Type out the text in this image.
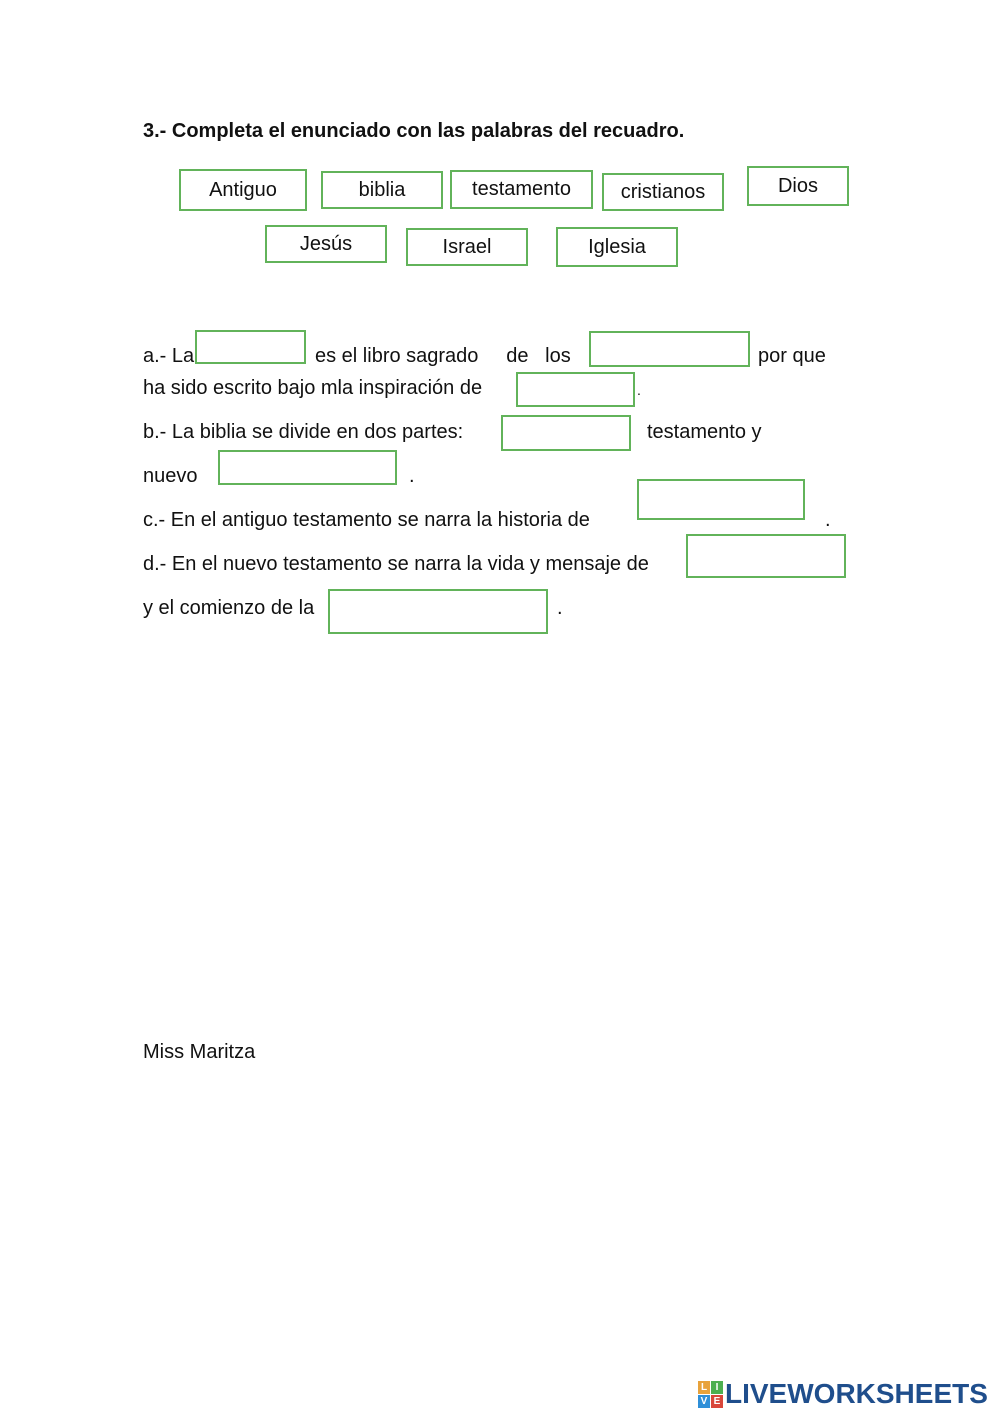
3.- Completa el enunciado con las palabras del recuadro.
Antiguo	biblia	testamento	cristianos	Dios
Jesús	Israel	Iglesia
a.- La	es el libro sagrado     de   los	por que
ha sido escrito bajo mla inspiración de	.
b.- La biblia se divide en dos partes:	testamento y
nuevo	.
c.- En el antiguo testamento se narra la historia de	.
d.- En el nuevo testamento se narra la vida y mensaje de
y el comienzo de la	.
Miss Maritza
L I
V E LIVEWORKSHEETS
